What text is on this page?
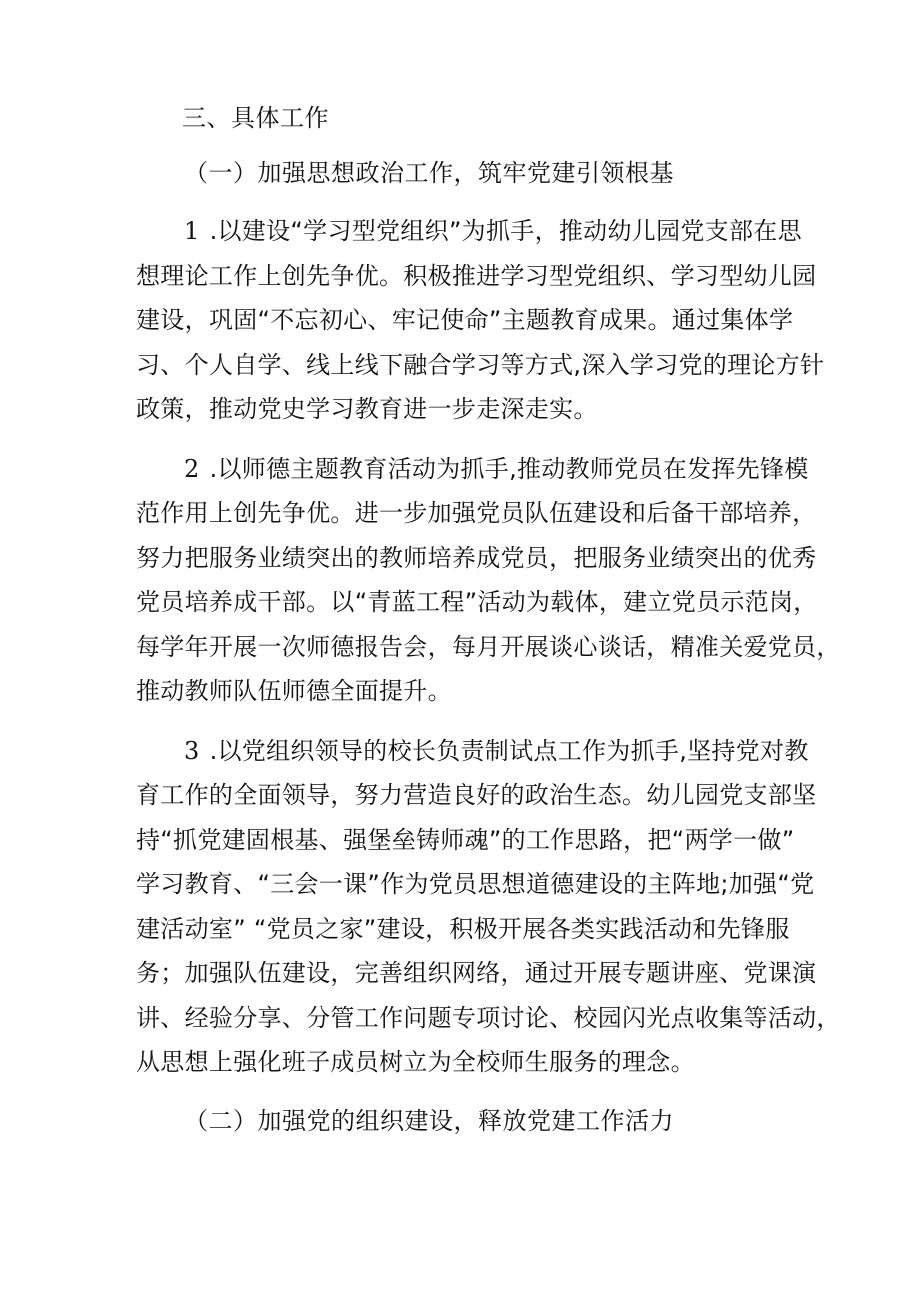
三、具体工作
（一）加强思想政治工作，筑牢党建引领根基
1 .以建设“学习型党组织”为抓手，推动幼儿园党支部在思
想理论工作上创先争优。积极推进学习型党组织、学习型幼儿园
建设，巩固“不忘初心、牢记使命”主题教育成果。通过集体学
习、个人自学、线上线下融合学习等方式,深入学习党的理论方针
政策，推动党史学习教育进一步走深走实。
2 .以师德主题教育活动为抓手,推动教师党员在发挥先锋模
范作用上创先争优。进一步加强党员队伍建设和后备干部培养，
努力把服务业绩突出的教师培养成党员，把服务业绩突出的优秀
党员培养成干部。以“青蓝工程”活动为载体，建立党员示范岗，
每学年开展一次师德报告会，每月开展谈心谈话，精准关爱党员，
推动教师队伍师德全面提升。
3 .以党组织领导的校长负责制试点工作为抓手,坚持党对教
育工作的全面领导，努力营造良好的政治生态。幼儿园党支部坚
持“抓党建固根基、强堡垒铸师魂”的工作思路，把“两学一做”
学习教育、“三会一课”作为党员思想道德建设的主阵地;加强“党
建活动室” “党员之家”建设，积极开展各类实践活动和先锋服
务；加强队伍建设，完善组织网络，通过开展专题讲座、党课演
讲、经验分享、分管工作问题专项讨论、校园闪光点收集等活动，
从思想上强化班子成员树立为全校师生服务的理念。
（二）加强党的组织建设，释放党建工作活力
